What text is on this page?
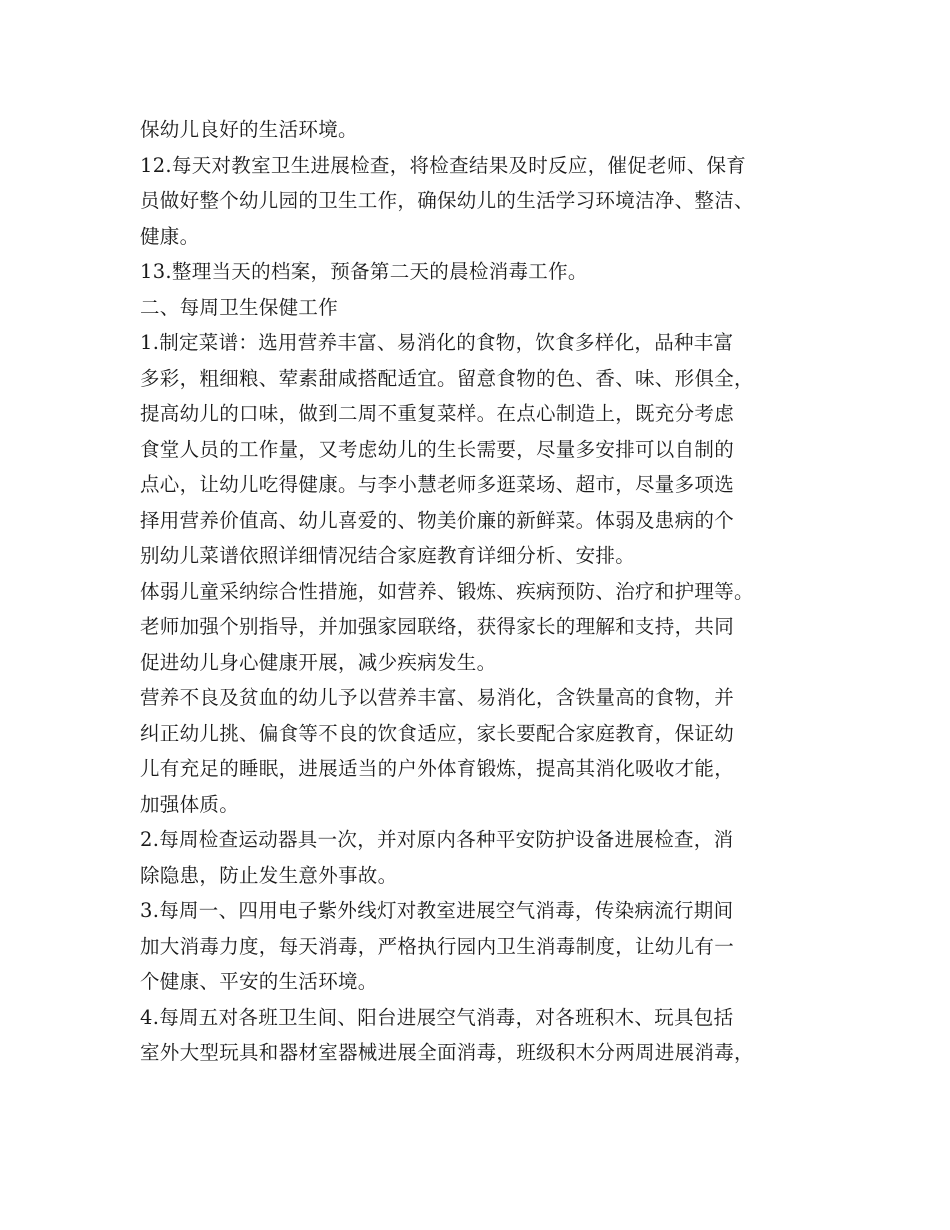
保幼儿良好的生活环境。
12.每天对教室卫生进展检查，将检查结果及时反应，催促老师、保育
员做好整个幼儿园的卫生工作，确保幼儿的生活学习环境洁净、整洁、
健康。
13.整理当天的档案，预备第二天的晨检消毒工作。
二、每周卫生保健工作
1.制定菜谱：选用营养丰富、易消化的食物，饮食多样化，品种丰富
多彩，粗细粮、荤素甜咸搭配适宜。留意食物的色、香、味、形俱全，
提高幼儿的口味，做到二周不重复菜样。在点心制造上，既充分考虑
食堂人员的工作量，又考虑幼儿的生长需要，尽量多安排可以自制的
点心，让幼儿吃得健康。与李小慧老师多逛菜场、超市，尽量多项选
择用营养价值高、幼儿喜爱的、物美价廉的新鲜菜。体弱及患病的个
别幼儿菜谱依照详细情况结合家庭教育详细分析、安排。
体弱儿童采纳综合性措施，如营养、锻炼、疾病预防、治疗和护理等。
老师加强个别指导，并加强家园联络，获得家长的理解和支持，共同
促进幼儿身心健康开展，减少疾病发生。
营养不良及贫血的幼儿予以营养丰富、易消化，含铁量高的食物，并
纠正幼儿挑、偏食等不良的饮食适应，家长要配合家庭教育，保证幼
儿有充足的睡眠，进展适当的户外体育锻炼，提高其消化吸收才能，
加强体质。
2.每周检查运动器具一次，并对原内各种平安防护设备进展检查，消
除隐患，防止发生意外事故。
3.每周一、四用电子紫外线灯对教室进展空气消毒，传染病流行期间
加大消毒力度，每天消毒，严格执行园内卫生消毒制度，让幼儿有一
个健康、平安的生活环境。
4.每周五对各班卫生间、阳台进展空气消毒，对各班积木、玩具包括
室外大型玩具和器材室器械进展全面消毒，班级积木分两周进展消毒，
